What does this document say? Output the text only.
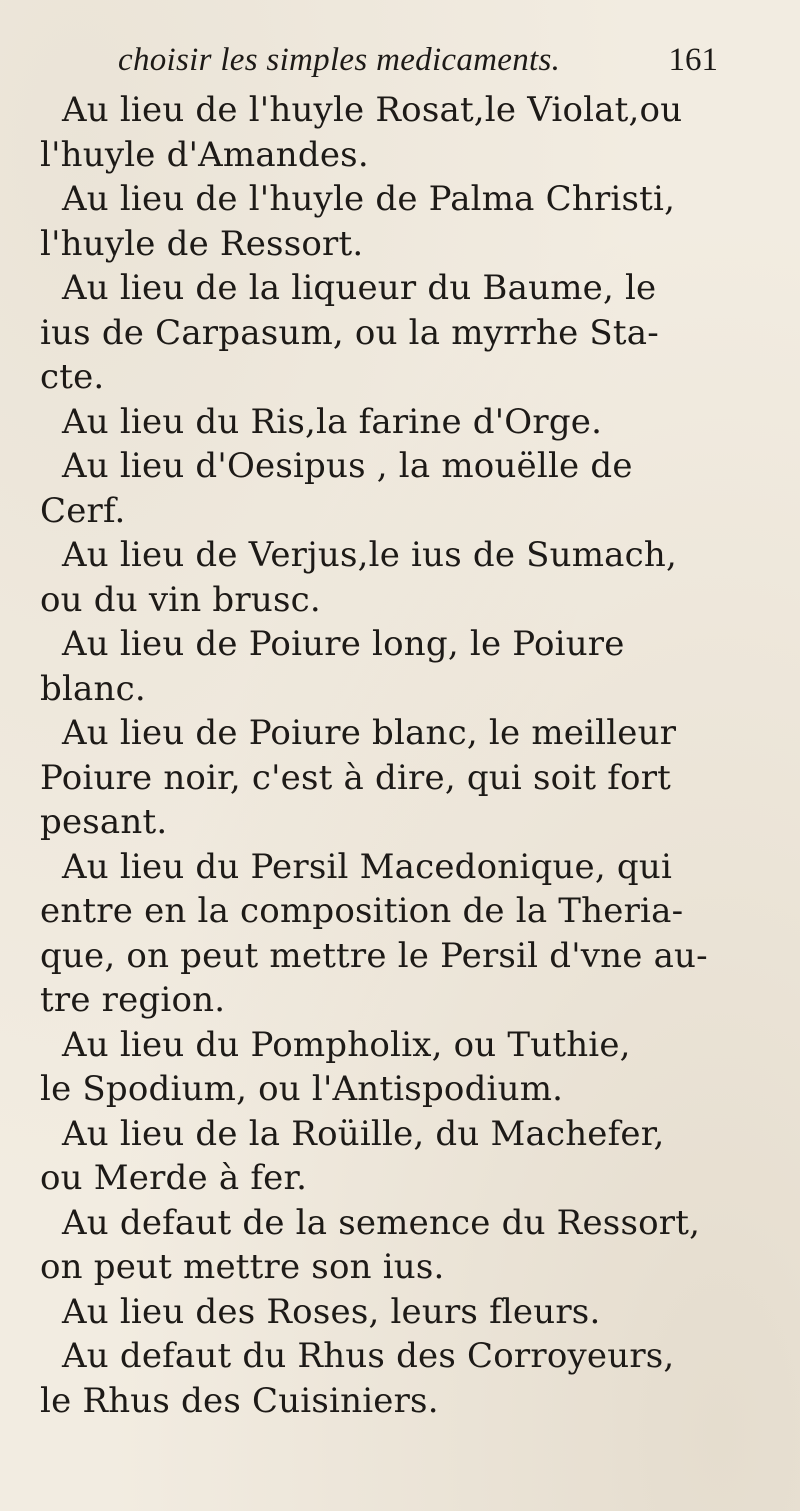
choisir les simples medicaments.	161
Au lieu de l'huyle Rosat,le Violat,ou
l'huyle d'Amandes.
Au lieu de l'huyle de Palma Christi,
l'huyle de Ressort.
Au lieu de la liqueur du Baume, le
ius de Carpasum, ou la myrrhe Sta-
cte.
Au lieu du Ris,la farine d'Orge.
Au lieu d'Oesipus , la mouëlle de
Cerf.
Au lieu de Verjus,le ius de Sumach,
ou du vin brusc.
Au lieu de Poiure long, le Poiure
blanc.
Au lieu de Poiure blanc, le meilleur
Poiure noir, c'est à dire, qui soit fort
pesant.
Au lieu du Persil Macedonique, qui
entre en la composition de la Theria-
que, on peut mettre le Persil d'vne au-
tre region.
Au lieu du Pompholix, ou Tuthie,
le Spodium, ou l'Antispodium.
Au lieu de la Roüille, du Machefer,
ou Merde à fer.
Au defaut de la semence du Ressort,
on peut mettre son ius.
Au lieu des Roses, leurs fleurs.
Au defaut du Rhus des Corroyeurs,
le Rhus des Cuisiniers.
